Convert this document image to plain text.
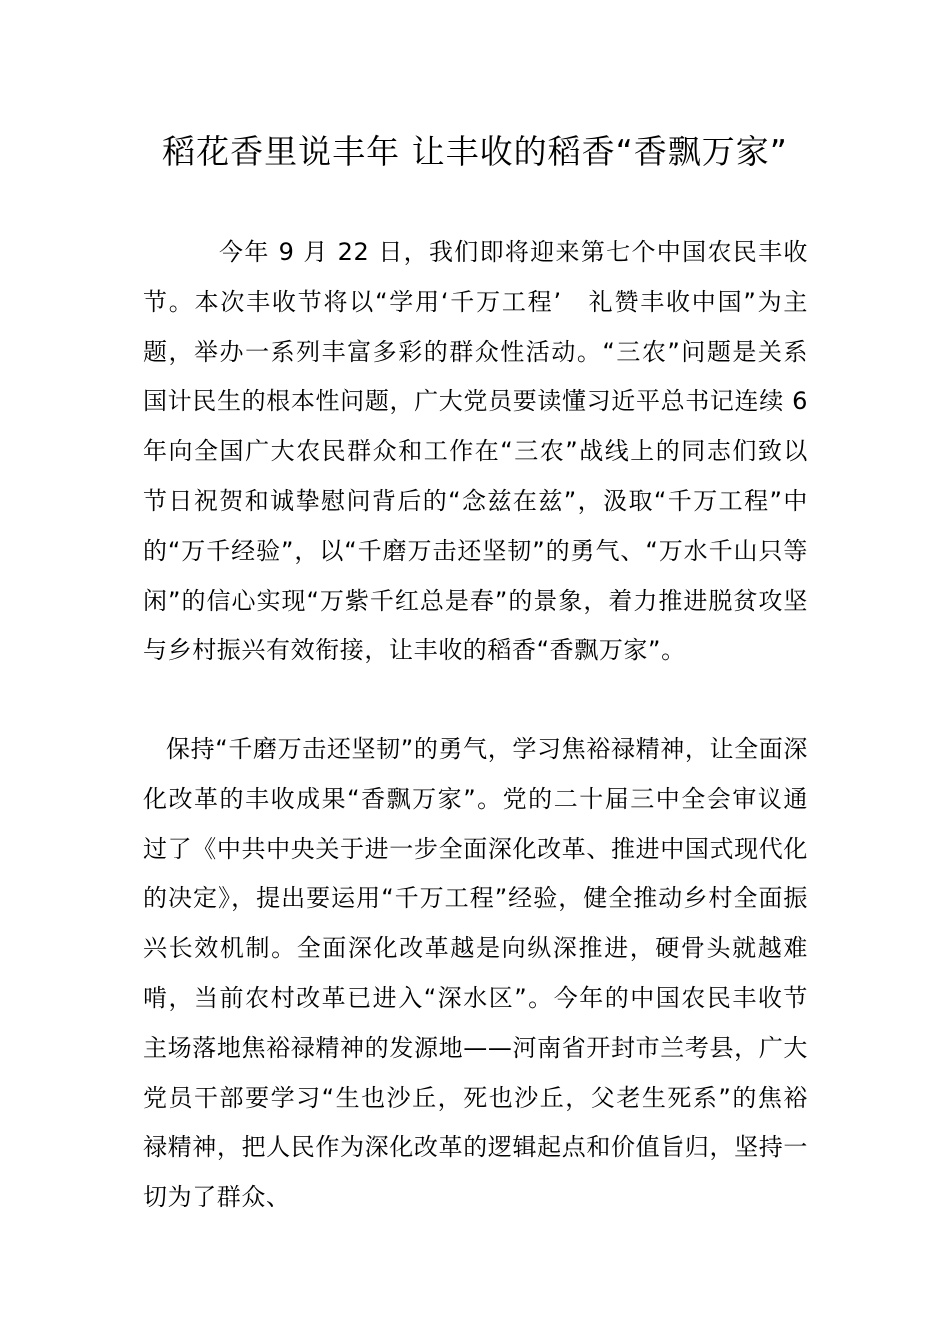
稻花香里说丰年 让丰收的稻香“香飘万家”

今年 9 月 22 日，我们即将迎来第七个中国农民丰收节。本次丰收节将以“学用‘千万工程’　礼赞丰收中国”为主题，举办一系列丰富多彩的群众性活动。“三农”问题是关系国计民生的根本性问题，广大党员要读懂习近平总书记连续 6 年向全国广大农民群众和工作在“三农”战线上的同志们致以节日祝贺和诚挚慰问背后的“念兹在兹”，汲取“千万工程”中的“万千经验”，以“千磨万击还坚韧”的勇气、“万水千山只等闲”的信心实现“万紫千红总是春”的景象，着力推进脱贫攻坚与乡村振兴有效衔接，让丰收的稻香“香飘万家”。

保持“千磨万击还坚韧”的勇气，学习焦裕禄精神，让全面深化改革的丰收成果“香飘万家”。党的二十届三中全会审议通过了《中共中央关于进一步全面深化改革、推进中国式现代化的决定》，提出要运用“千万工程”经验，健全推动乡村全面振兴长效机制。全面深化改革越是向纵深推进，硬骨头就越难啃，当前农村改革已进入“深水区”。今年的中国农民丰收节主场落地焦裕禄精神的发源地——河南省开封市兰考县，广大党员干部要学习“生也沙丘，死也沙丘，父老生死系”的焦裕禄精神，把人民作为深化改革的逻辑起点和价值旨归，坚持一切为了群众、
